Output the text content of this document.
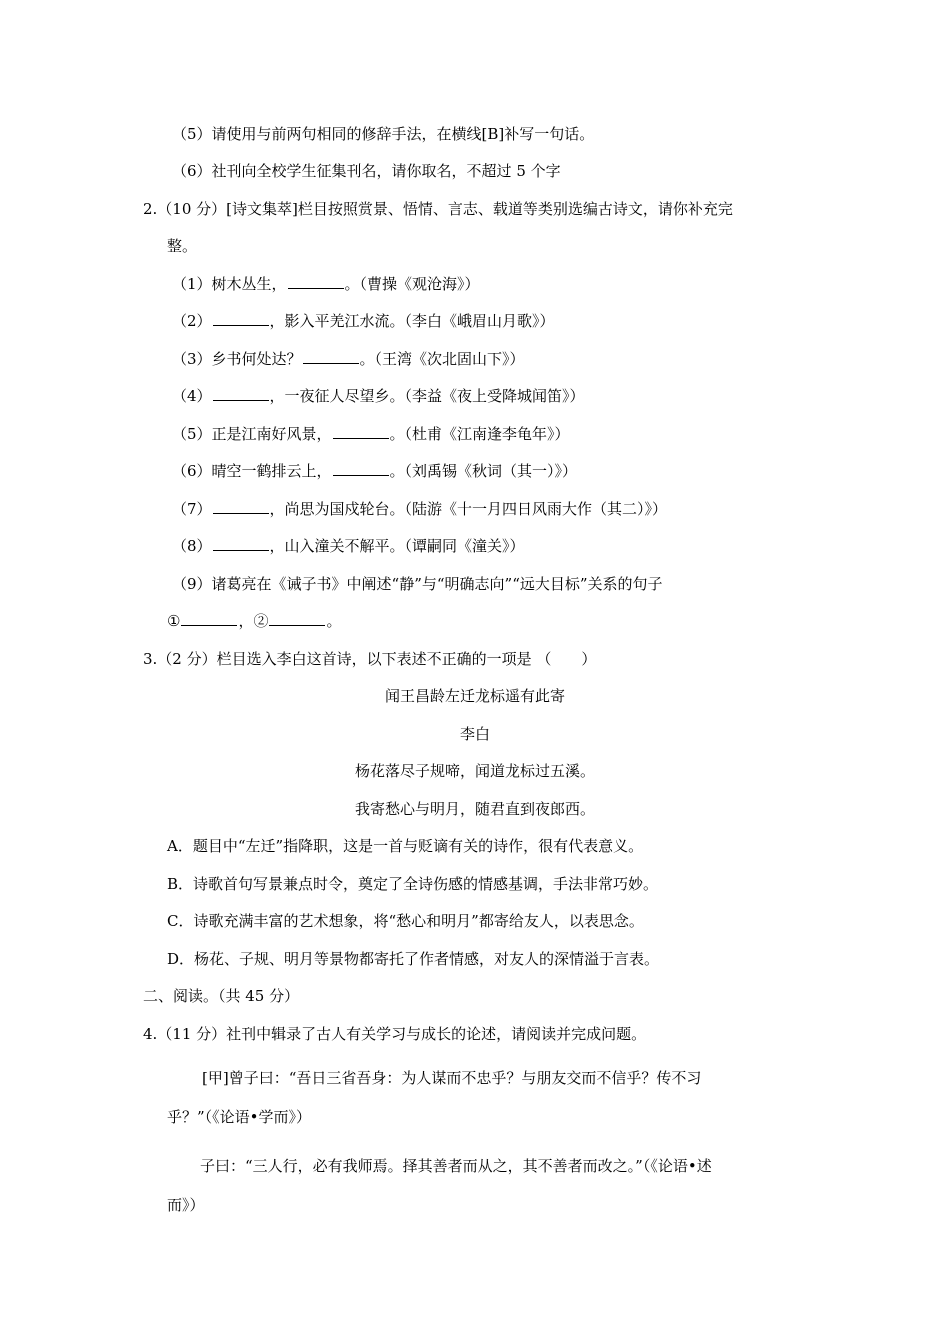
（5）请使用与前两句相同的修辞手法，在横线[B]补写一句话。
（6）社刊向全校学生征集刊名，请你取名，不超过 5 个字
2.（10 分）[诗文集萃]栏目按照赏景、悟情、言志、载道等类别选编古诗文，请你补充完
整。
（1）树木丛生，	。（曹操《观沧海》）
（2）	，影入平羌江水流。（李白《峨眉山月歌》）
（3）乡书何处达？	。（王湾《次北固山下》）
（4）	，一夜征人尽望乡。（李益《夜上受降城闻笛》）
（5）正是江南好风景，	。（杜甫《江南逢李龟年》）
（6）晴空一鹤排云上，	。（刘禹锡《秋词（其一）》）
（7）	，尚思为国戍轮台。（陆游《十一月四日风雨大作（其二）》）
（8）	，山入潼关不解平。（谭嗣同《潼关》）
（9）诸葛亮在《诫子书》中阐述“静”与“明确志向”“远大目标”关系的句子
①	，②	。
3.（2 分）栏目选入李白这首诗，以下表述不正确的一项是 （　　）
闻王昌龄左迁龙标遥有此寄
李白
杨花落尽子规啼，闻道龙标过五溪。
我寄愁心与明月，随君直到夜郎西。
A．题目中“左迁”指降职，这是一首与贬谪有关的诗作，很有代表意义。
B．诗歌首句写景兼点时令，奠定了全诗伤感的情感基调，手法非常巧妙。
C．诗歌充满丰富的艺术想象，将“愁心和明月”都寄给友人，以表思念。
D．杨花、子规、明月等景物都寄托了作者情感，对友人的深情溢于言表。
二、阅读。（共 45 分）
4.（11 分）社刊中辑录了古人有关学习与成长的论述，请阅读并完成问题。
[甲]曾子曰：“吾日三省吾身：为人谋而不忠乎？与朋友交而不信乎？传不习
乎？”（《论语•学而》）
子曰：“三人行，必有我师焉。择其善者而从之，其不善者而改之。”（《论语•述
而》）
